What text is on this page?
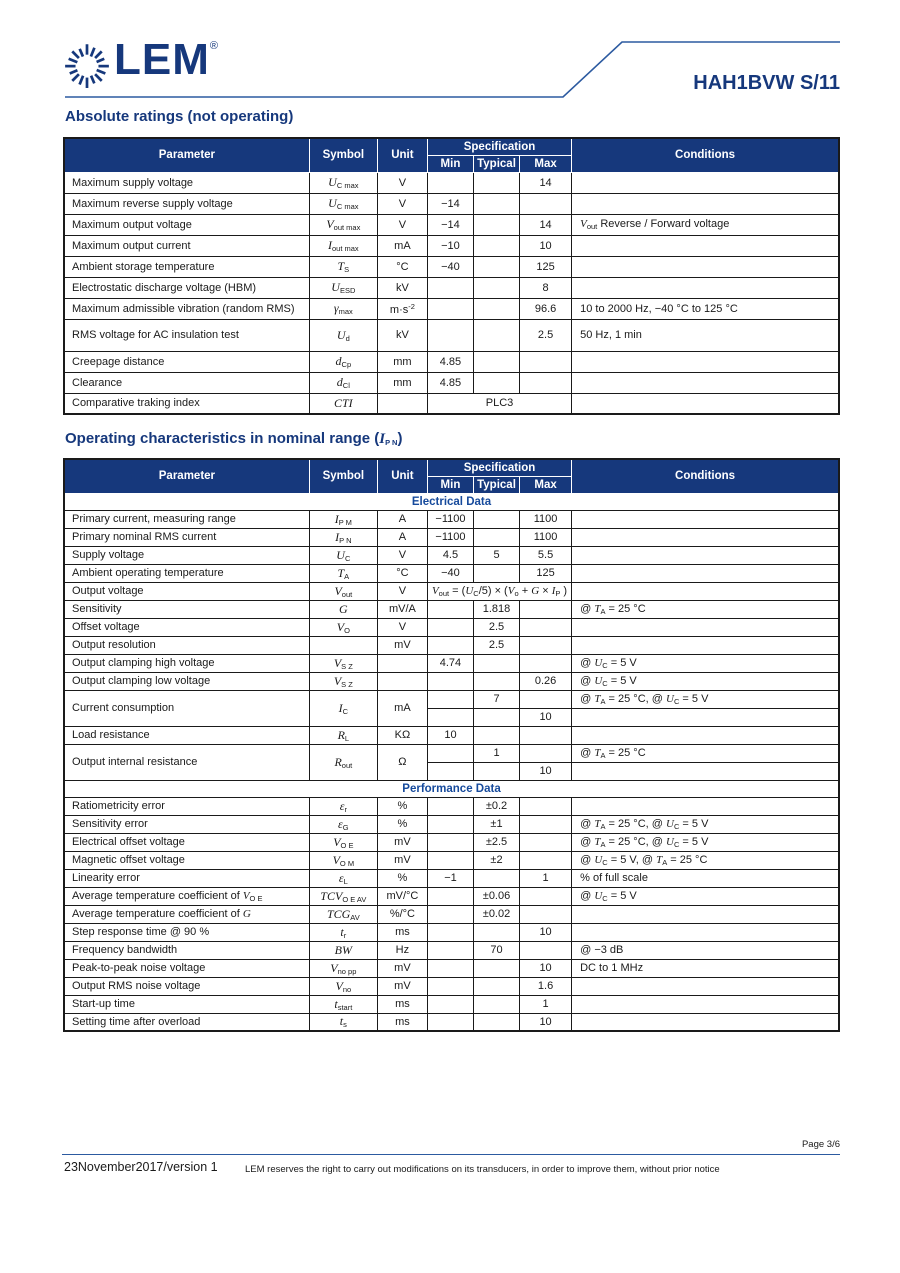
LEM ®
HAH1BVW S/11
Absolute ratings (not operating)
Operating characteristics in nominal range $(I_{P N})$
Parameter	Symbol	Unit	Specification			Conditions
			Min	Typical	Max	
Maximum supply voltage	$U_{C max}$	V			14	
Maximum reverse supply voltage	$U_{C max}$	V	−14			
Maximum output voltage	$V_{out max}$	V	−14		14	$V_{out}$ Reverse / Forward voltage
Maximum output current	$I_{out max}$	mA	−10		10	
Ambient storage temperature	$T_S$	°C	−40		125	
Electrostatic discharge voltage (HBM)	$U_{ESD}$	kV			8	
Maximum admissible vibration (random RMS)	$\gamma_{max}$	$m\cdot s^{-2}$			96.6	10 to 2000 Hz, −40 °C to 125 °C
RMS voltage for AC insulation test	$U_d$	kV			2.5	50 Hz, 1 min
Creepage distance	$d_{Cp}$	mm	4.85			
Clearance	$d_{Cl}$	mm	4.85			
Comparative traking index	CTI		PLC3			
Parameter	Symbol	Unit	Specification			Conditions
			Min	Typical	Max	
Electrical Data						
Primary current, measuring range	$I_{P M}$	A	−1100		1100	
Primary nominal RMS current	$I_{P N}$	A	−1100		1100	
Supply voltage	$U_C$	V	4.5	5	5.5	
Ambient operating temperature	$T_A$	°C	−40		125	
Output voltage	$V_{out}$	V	$V_{out} = (U_C/5) \times (V_o + G \times I_P$ )			
Sensitivity	G	mV/A		1.818		@ $T_A = 25$ °C
Offset voltage	$V_O$	V		2.5		
Output resolution		mV		2.5		
Output clamping high voltage	$V_{S Z}$		4.74			@ $U_C = 5$ V
Output clamping low voltage	$V_{S Z}$				0.26	@ $U_C = 5$ V
Current consumption	$I_C$	mA		7		@ $T_A = 25$ °C, @ $U_C = 5$ V
					10	
Load resistance	$R_L$	KΩ	10			
Output internal resistance	$R_{out}$	Ω		1		@ $T_A = 25$ °C
					10	
Performance Data						
Ratiometricity error	$\varepsilon_r$	%		±0.2		
Sensitivity error	$\varepsilon_G$	%		±1		@ $T_A = 25$ °C, @ $U_C = 5$ V
Electrical offset voltage	$V_{O E}$	mV		±2.5		@ $T_A = 25$ °C, @ $U_C = 5$ V
Magnetic offset voltage	$V_{O M}$	mV		±2		@ $U_C = 5$ V, @ $T_A = 25$ °C
Linearity error	$\varepsilon_L$	%	−1		1	% of full scale
Average temperature coefficient of $V_{O E}$	$TCV_{O E AV}$	mV/°C		±0.06		@ $U_C = 5$ V
Average temperature coefficient of G	$TCG_{AV}$	%/°C		±0.02		
Step response time @ 90 %	$t_r$	ms			10	
Frequency bandwidth	BW	Hz		70		@ −3 dB
Peak-to-peak noise voltage	$V_{no pp}$	mV			10	DC to 1 MHz
Output RMS noise voltage	$V_{no}$	mV			1.6	
Start-up time	$t_{start}$	ms			1	
Setting time after overload	$t_s$	ms			10	
Page 3/6
23November2017/version 1	LEM reserves the right to carry out modifications on its transducers, in order to improve them, without prior notice
